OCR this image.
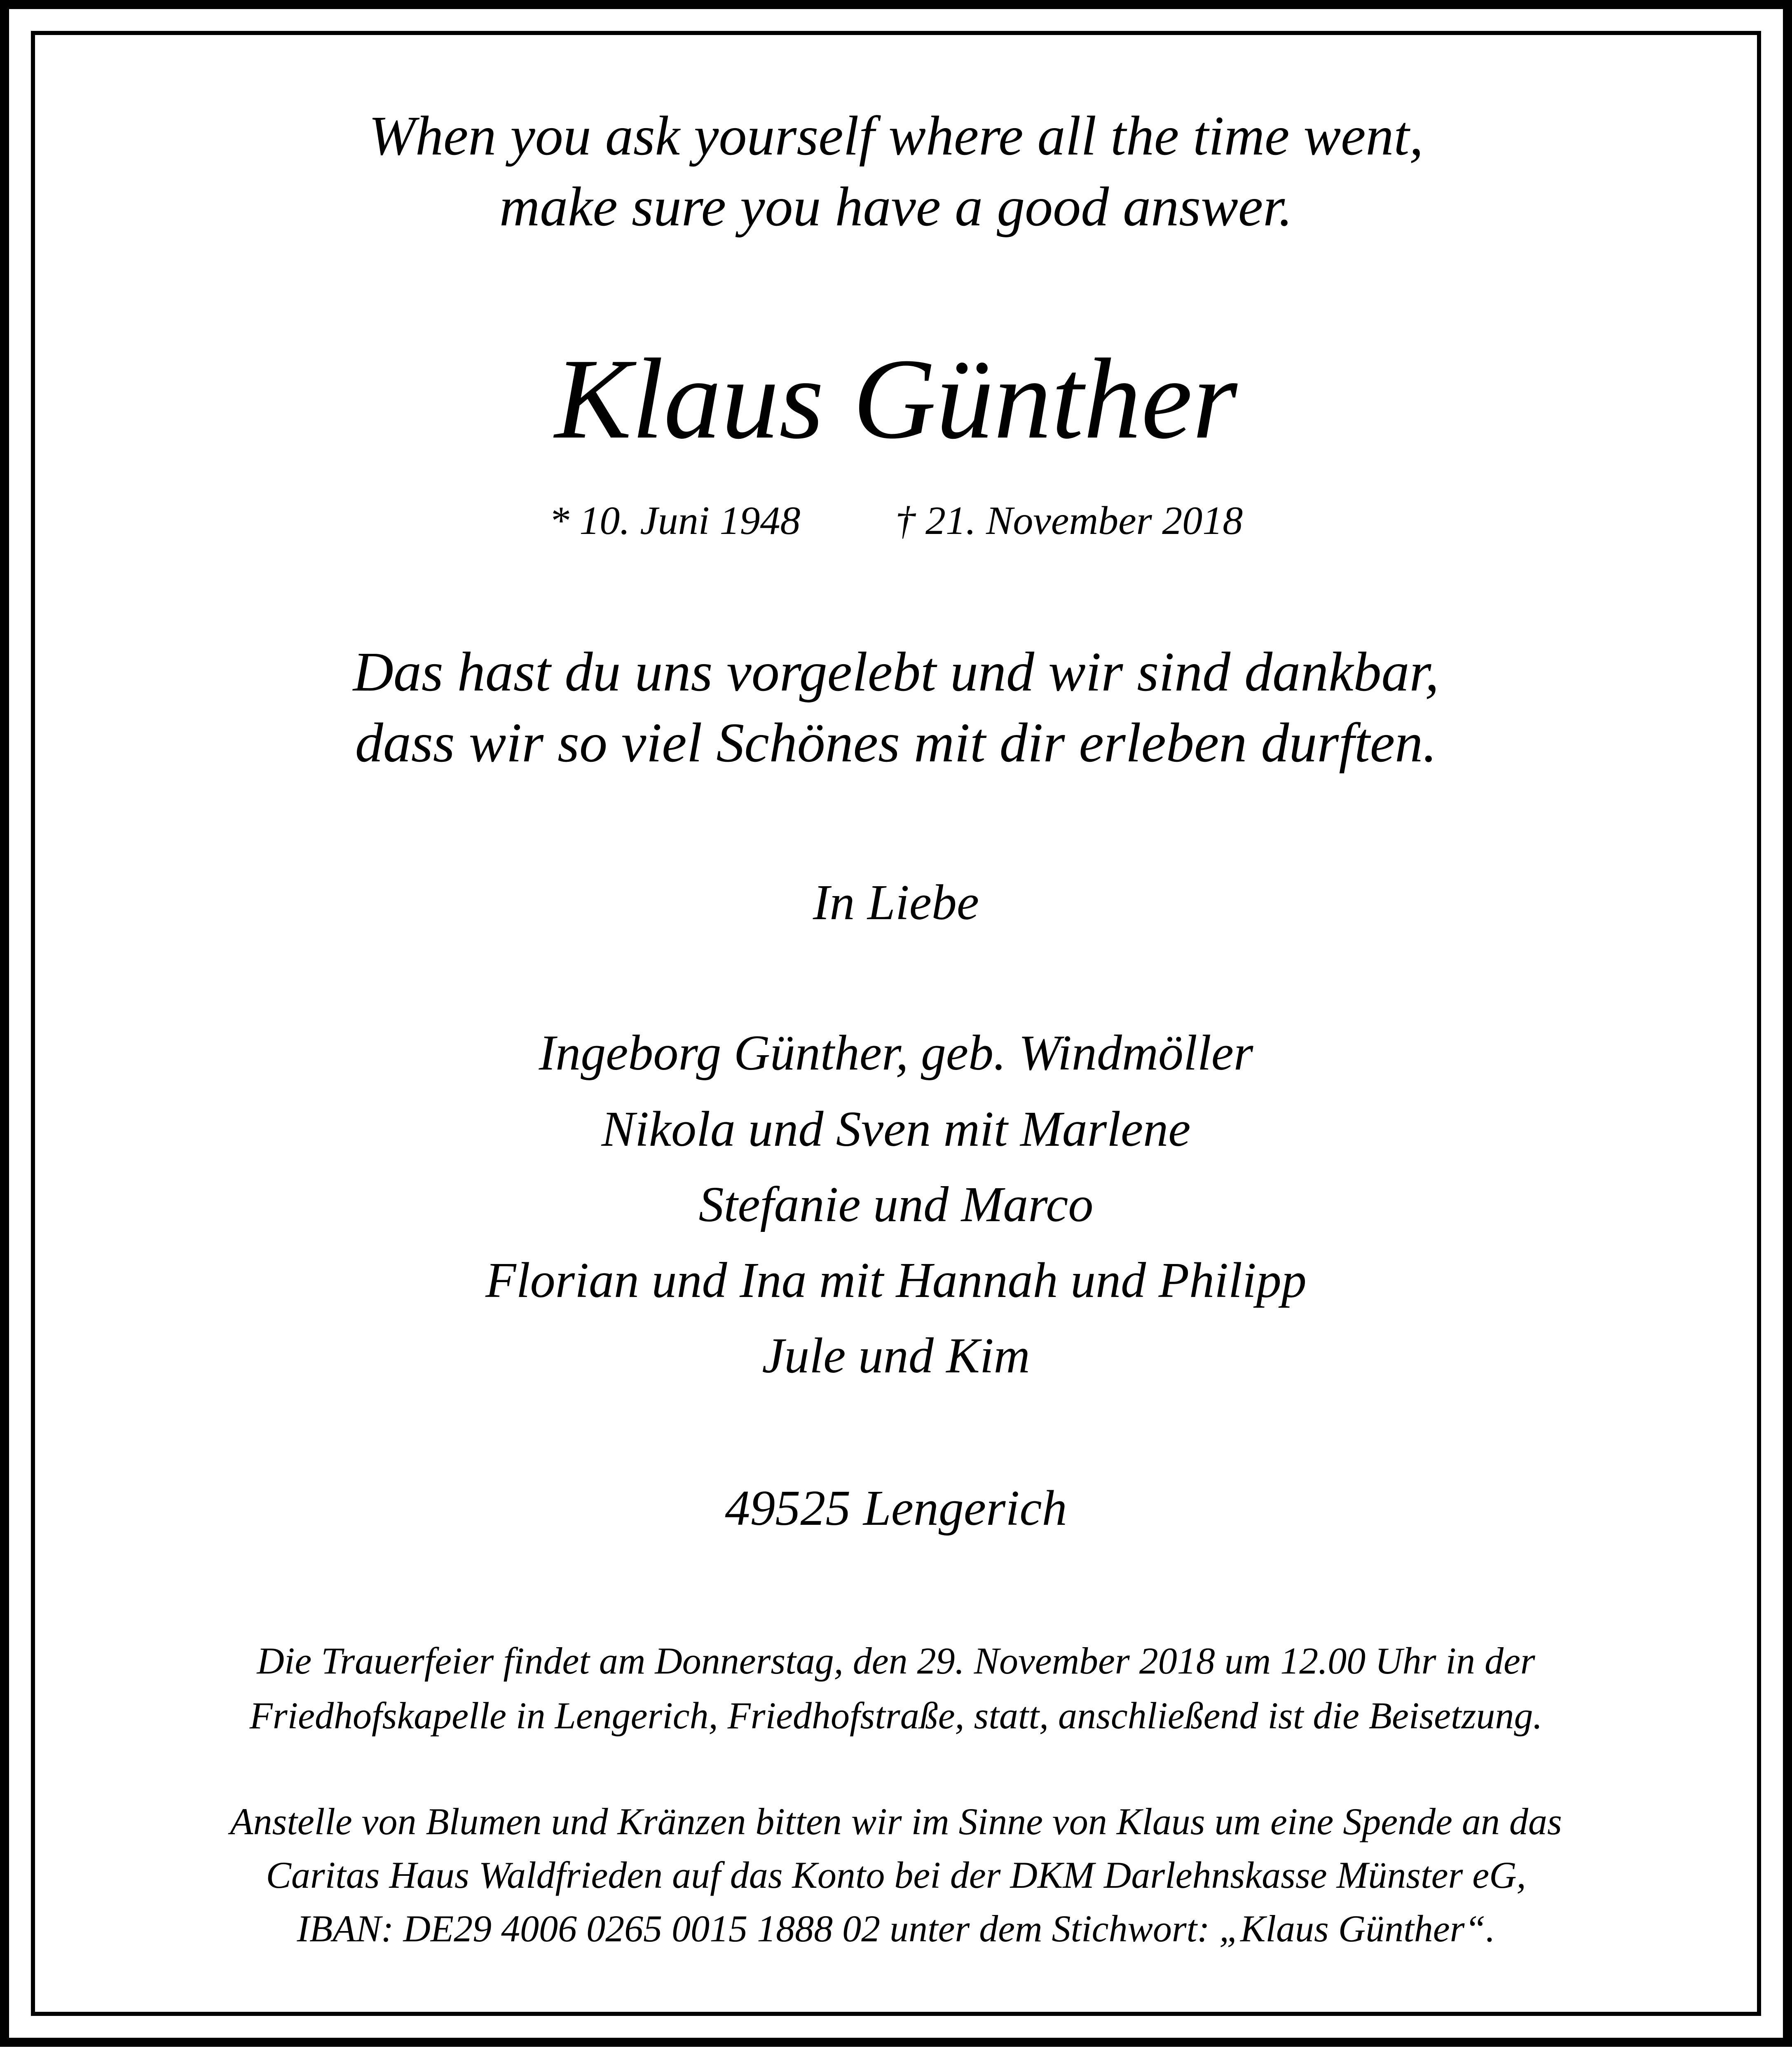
When you ask yourself where all the time went,
make sure you have a good answer.
Klaus Günther
* 10. Juni 1948 † 21. November 2018
Das hast du uns vorgelebt und wir sind dankbar,
dass wir so viel Schönes mit dir erleben durften.
In Liebe
Ingeborg Günther, geb. Windmöller
Nikola und Sven mit Marlene
Stefanie und Marco
Florian und Ina mit Hannah und Philipp
Jule und Kim
49525 Lengerich
Die Trauerfeier findet am Donnerstag, den 29. November 2018 um 12.00 Uhr in der
Friedhofskapelle in Lengerich, Friedhofstraße, statt, anschließend ist die Beisetzung.
Anstelle von Blumen und Kränzen bitten wir im Sinne von Klaus um eine Spende an das
Caritas Haus Waldfrieden auf das Konto bei der DKM Darlehnskasse Münster eG,
IBAN: DE29 4006 0265 0015 1888 02 unter dem Stichwort: „Klaus Günther“.
